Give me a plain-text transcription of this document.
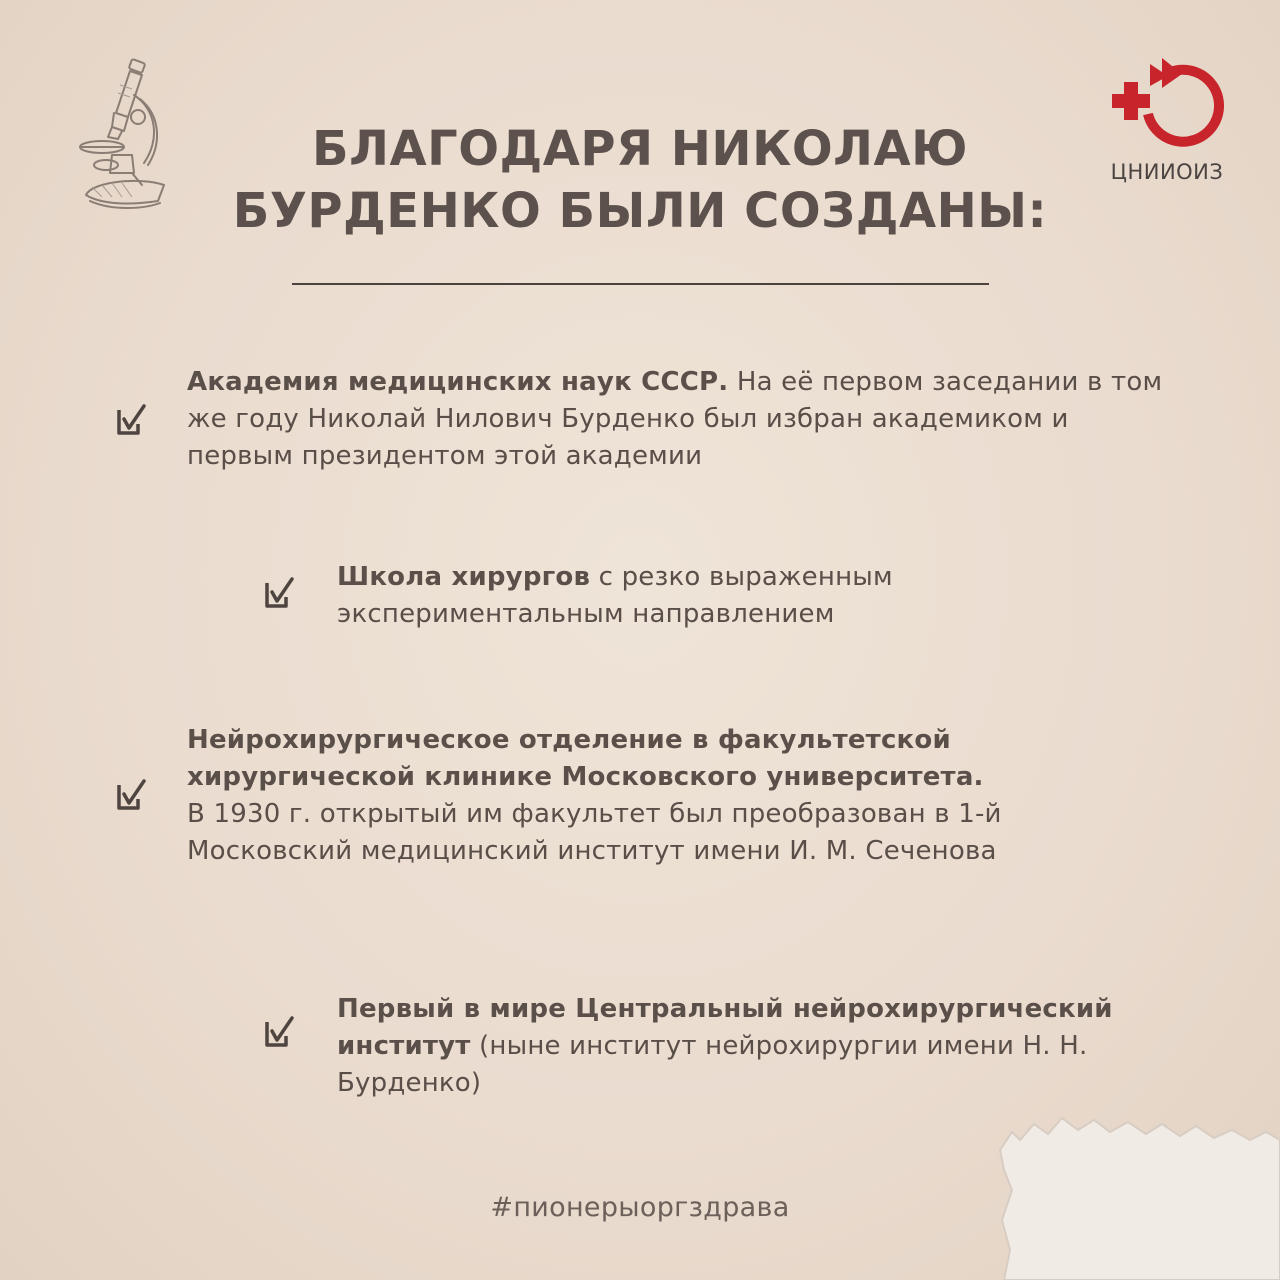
ЦНИИОИЗ
БЛАГОДАРЯ НИКОЛАЮ
БУРДЕНКО БЫЛИ СОЗДАНЫ:
Академия медицинских наук СССР. На её первом заседании в том же году Николай Нилович Бурденко был избран академиком и первым президентом этой академии
Школа хирургов с резко выраженным экспериментальным направлением
Нейрохирургическое отделение в факультетской хирургической клинике Московского университета.
В 1930 г. открытый им факультет был преобразован в 1-й Московский медицинский институт имени И. М. Сеченова
Первый в мире Центральный нейрохирургический институт (ныне институт нейрохирургии имени Н. Н. Бурденко)
#пионерыоргздрава
